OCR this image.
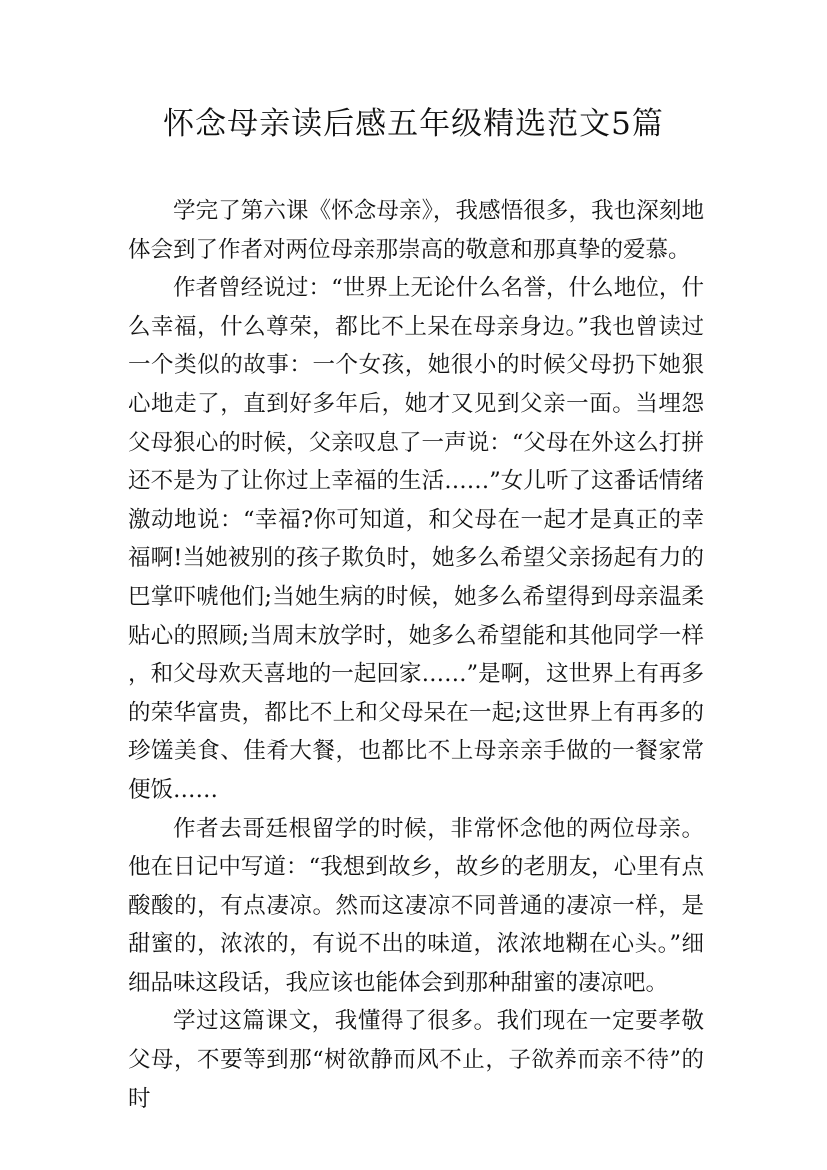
怀念母亲读后感五年级精选范文5篇

学完了第六课《怀念母亲》，我感悟很多，我也深刻地体会到了作者对两位母亲那崇高的敬意和那真挚的爱慕。

作者曾经说过：“世界上无论什么名誉，什么地位，什么幸福，什么尊荣，都比不上呆在母亲身边。”我也曾读过一个类似的故事：一个女孩，她很小的时候父母扔下她狠心地走了，直到好多年后，她才又见到父亲一面。当埋怨父母狠心的时候，父亲叹息了一声说：“父母在外这么打拼还不是为了让你过上幸福的生活……”女儿听了这番话情绪激动地说：“幸福?你可知道，和父母在一起才是真正的幸福啊!当她被别的孩子欺负时，她多么希望父亲扬起有力的巴掌吓唬他们;当她生病的时候，她多么希望得到母亲温柔贴心的照顾;当周末放学时，她多么希望能和其他同学一样，和父母欢天喜地的一起回家……”是啊，这世界上有再多的荣华富贵，都比不上和父母呆在一起;这世界上有再多的珍馐美食、佳肴大餐，也都比不上母亲亲手做的一餐家常便饭……

作者去哥廷根留学的时候，非常怀念他的两位母亲。他在日记中写道：“我想到故乡，故乡的老朋友，心里有点酸酸的，有点凄凉。然而这凄凉不同普通的凄凉一样，是甜蜜的，浓浓的，有说不出的味道，浓浓地糊在心头。”细细品味这段话，我应该也能体会到那种甜蜜的凄凉吧。

学过这篇课文，我懂得了很多。我们现在一定要孝敬父母，不要等到那“树欲静而风不止，子欲养而亲不待”的时
